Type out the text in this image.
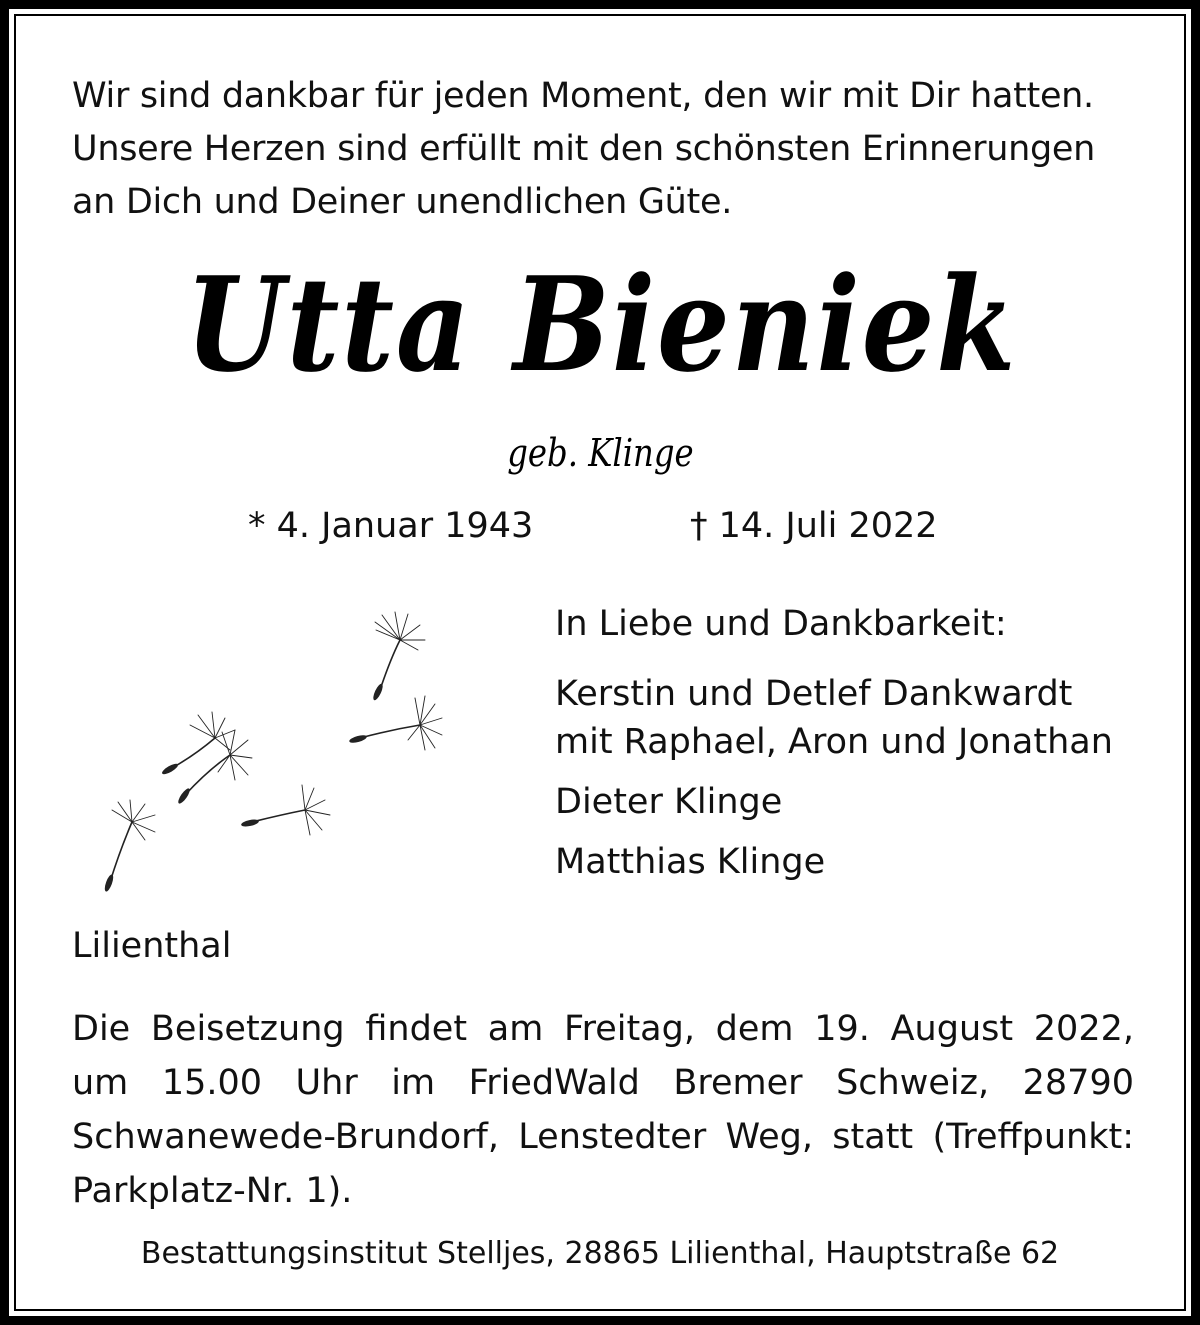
Wir sind dankbar für jeden Moment, den wir mit Dir hatten.
Unsere Herzen sind erfüllt mit den schönsten Erinnerungen
an Dich und Deiner unendlichen Güte.
Utta Bieniek
geb. Klinge
* 4. Januar 1943	† 14. Juli 2022
In Liebe und Dankbarkeit:
Kerstin und Detlef Dankwardt
mit Raphael, Aron und Jonathan
Dieter Klinge
Matthias Klinge
Lilienthal
Die Beisetzung findet am Freitag, dem 19. August 2022,
um 15.00 Uhr im FriedWald Bremer Schweiz, 28790
Schwanewede-Brundorf, Lenstedter Weg, statt (Treffpunkt:
Parkplatz-Nr. 1).
Bestattungsinstitut Stelljes, 28865 Lilienthal, Hauptstraße 62
